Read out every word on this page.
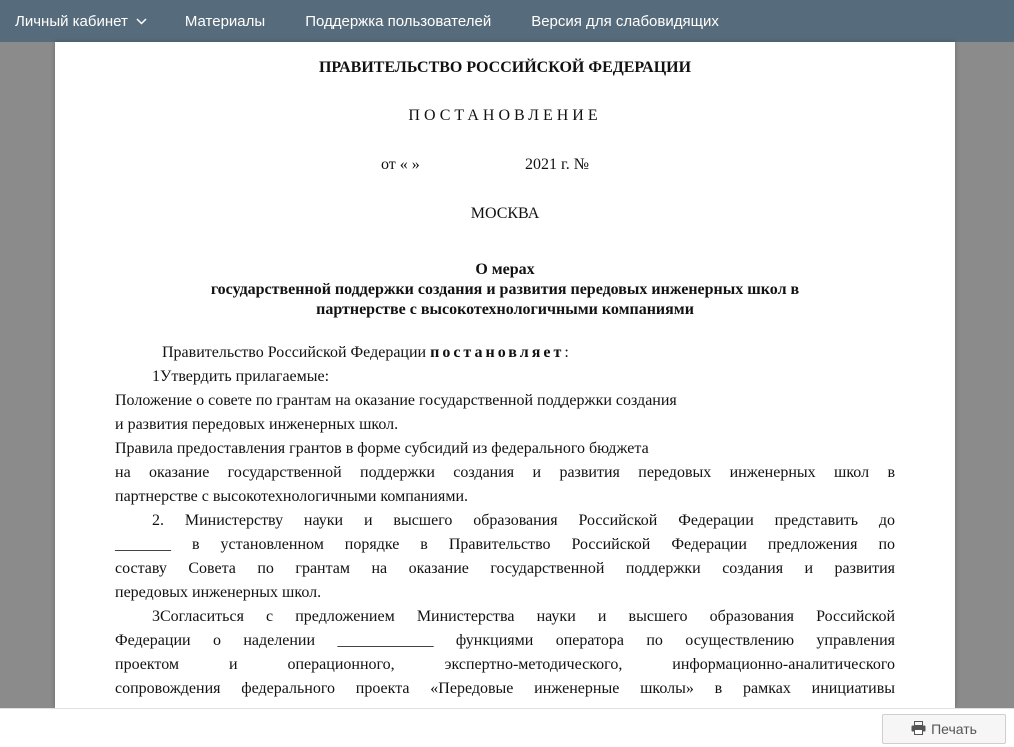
Личный кабинет	Материалы	Поддержка пользователей	Версия для слабовидящих
ПРАВИТЕЛЬСТВО РОССИЙСКОЙ ФЕДЕРАЦИИ
ПОСТАНОВЛЕНИЕ
от « »	2021 г. №
МОСКВА
О мерах
государственной поддержки создания и развития передовых инженерных школ в
партнерстве с высокотехнологичными компаниями
Правительство Российской Федерации постановляет:
1Утвердить прилагаемые:
Положение о совете по грантам на оказание государственной поддержки создания
и развития передовых инженерных школ.
Правила предоставления грантов в форме субсидий из федерального бюджета
на оказание государственной поддержки создания и развития передовых инженерных школ в
партнерстве с высокотехнологичными компаниями.
2. Министерству науки и высшего образования Российской Федерации представить до
_______ в установленном порядке в Правительство Российской Федерации предложения по
составу Совета по грантам на оказание государственной поддержки создания и развития
передовых инженерных школ.
3Согласиться с предложением Министерства науки и высшего образования Российской
Федерации о наделении ____________ функциями оператора по осуществлению управления
проектом и операционного, экспертно-методического, информационно-аналитического
сопровождения федерального проекта «Передовые инженерные школы» в рамках инициативы
Печать
